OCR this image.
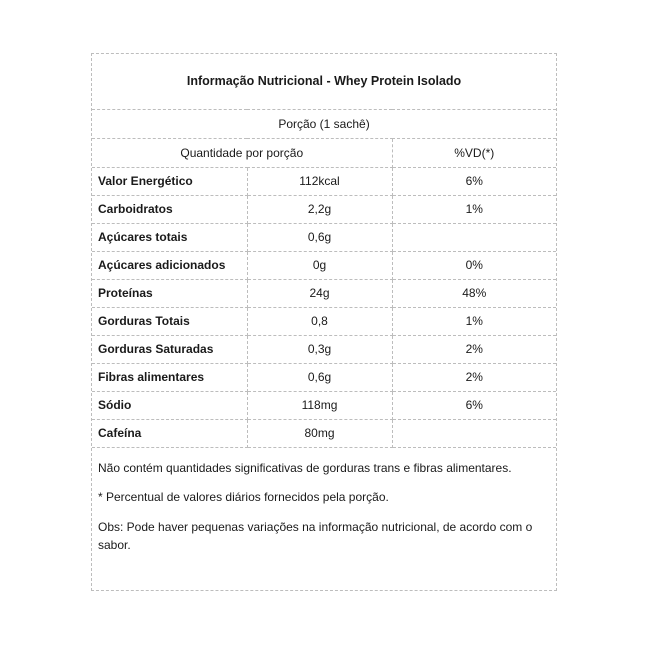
Informação Nutricional - Whey Protein Isolado		
Porção (1 sachê)		
Quantidade por porção		%VD(*)
Valor Energético	112kcal	6%
Carboidratos	2,2g	1%
Açúcares totais	0,6g	
Açúcares adicionados	0g	0%
Proteínas	24g	48%
Gorduras Totais	0,8	1%
Gorduras Saturadas	0,3g	2%
Fibras alimentares	0,6g	2%
Sódio	118mg	6%
Cafeína	80mg	

Não contém quantidades significativas de gorduras trans e fibras alimentares.

* Percentual de valores diários fornecidos pela porção.

Obs: Pode haver pequenas variações na informação nutricional, de acordo com o sabor.
